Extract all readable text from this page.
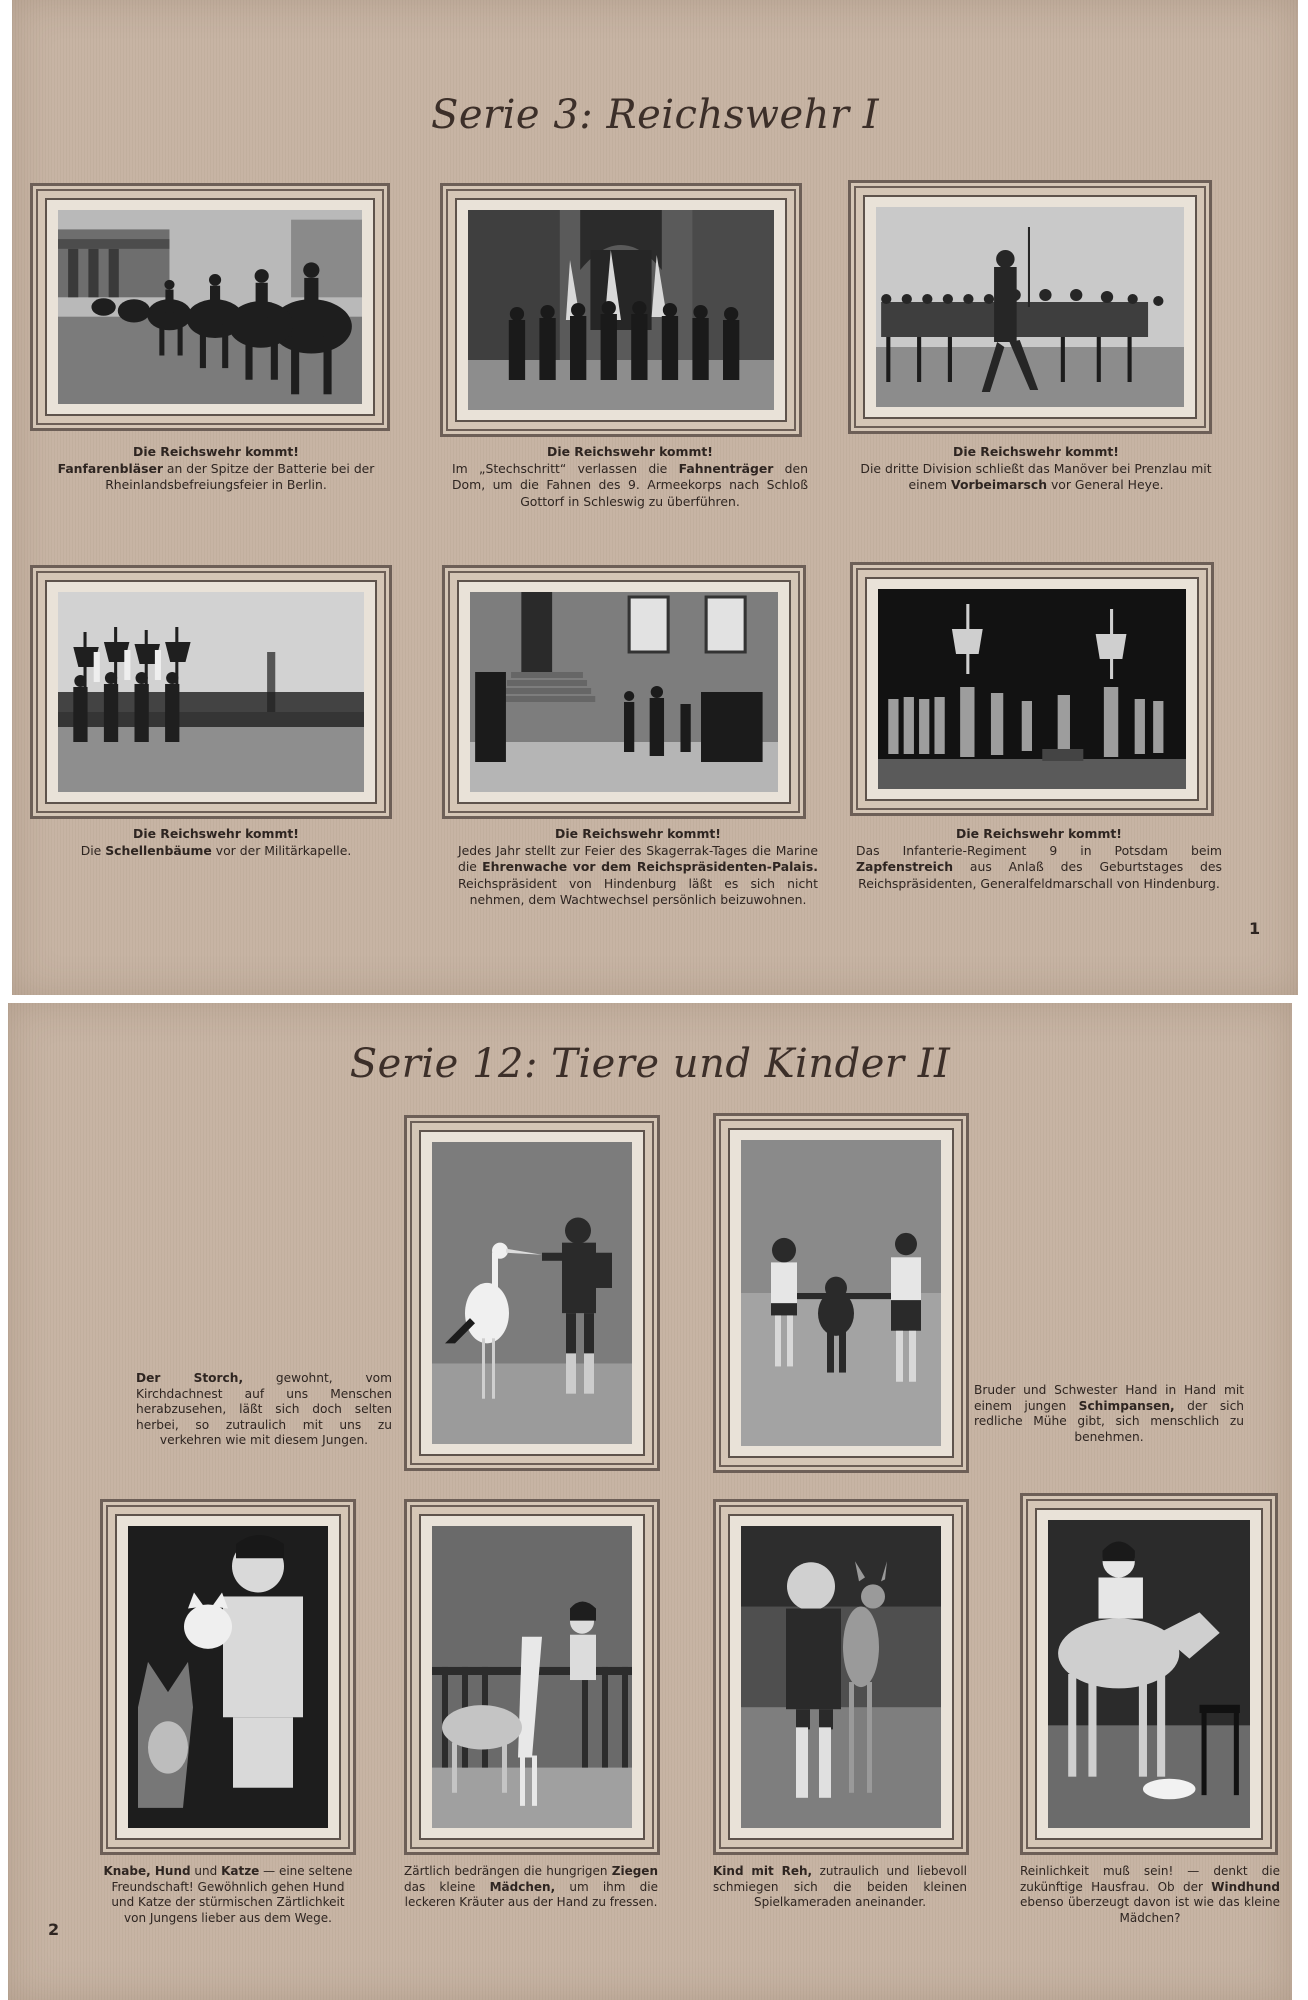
Serie 3: Reichswehr I
Die Reichswehr kommt!
Fanfarenbläser an der Spitze der Batterie bei der Rheinlandsbefreiungsfeier in Berlin.
Die Reichswehr kommt!
Im „Stechschritt“ verlassen die Fahnenträger den Dom, um die Fahnen des 9. Armeekorps nach Schloß Gottorf in Schleswig zu überführen.
Die Reichswehr kommt!
Die dritte Division schließt das Manöver bei Prenzlau mit einem Vorbeimarsch vor General Heye.
Die Reichswehr kommt!
Die Schellenbäume vor der Militärkapelle.
Die Reichswehr kommt!
Jedes Jahr stellt zur Feier des Skagerrak-Tages die Marine die Ehrenwache vor dem Reichspräsidenten-Palais. Reichspräsident von Hindenburg läßt es sich nicht nehmen, dem Wachtwechsel persönlich beizuwohnen.
Die Reichswehr kommt!
Das Infanterie-Regiment 9 in Potsdam beim Zapfenstreich aus Anlaß des Geburtstages des Reichspräsidenten, Generalfeldmarschall von Hindenburg.
1
Serie 12: Tiere und Kinder II
Der Storch, gewohnt, vom Kirchdachnest auf uns Menschen herabzusehen, läßt sich doch selten herbei, so zutraulich mit uns zu verkehren wie mit diesem Jungen.
Bruder und Schwester Hand in Hand mit einem jungen Schimpansen, der sich redliche Mühe gibt, sich menschlich zu benehmen.
Knabe, Hund und Katze — eine seltene Freundschaft! Gewöhnlich gehen Hund und Katze der stürmischen Zärtlichkeit von Jungens lieber aus dem Wege.
Zärtlich bedrängen die hungrigen Ziegen das kleine Mädchen, um ihm die leckeren Kräuter aus der Hand zu fressen.
Kind mit Reh, zutraulich und liebevoll schmiegen sich die beiden kleinen Spielkameraden aneinander.
Reinlichkeit muß sein! — denkt die zukünftige Hausfrau. Ob der Windhund ebenso überzeugt davon ist wie das kleine Mädchen?
2
